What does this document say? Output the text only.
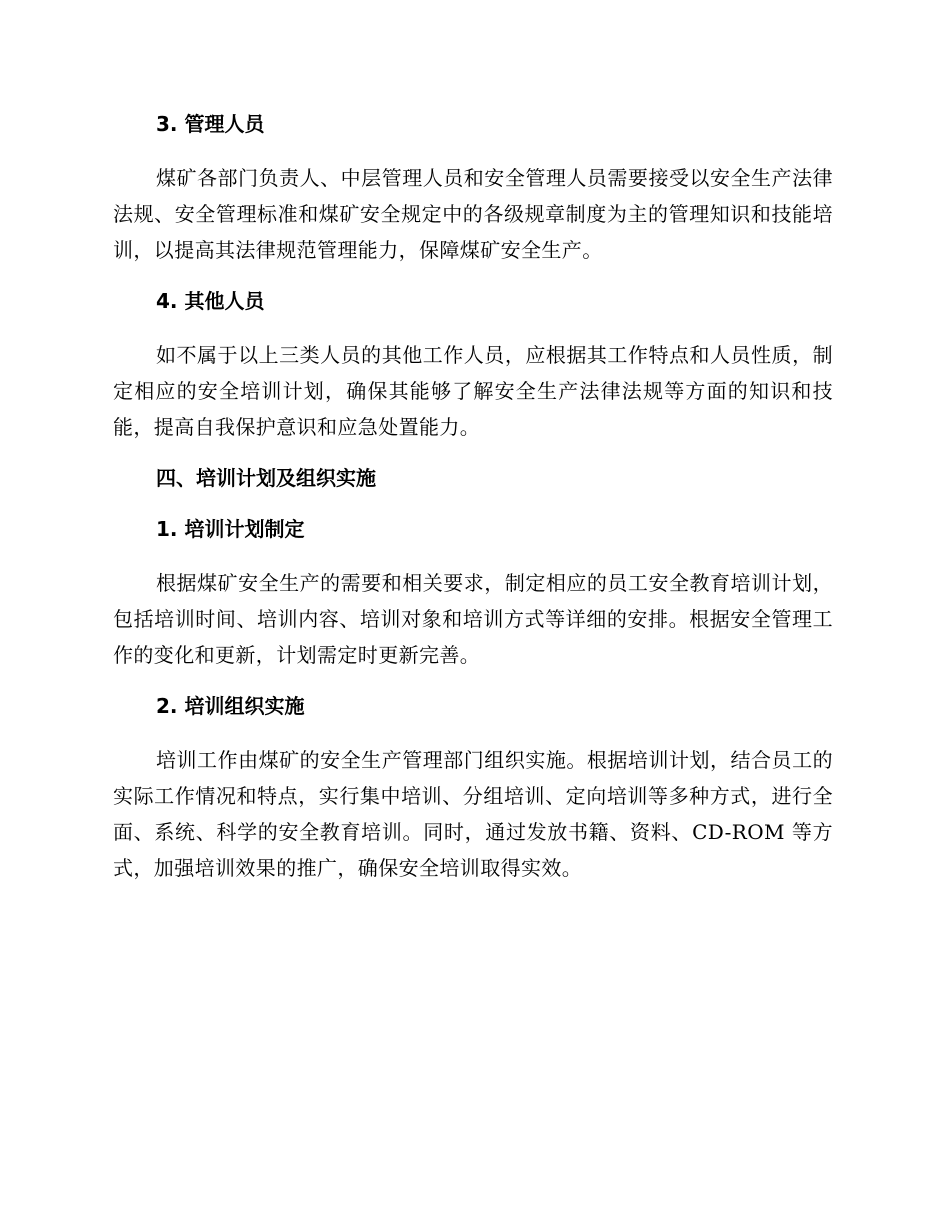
3. 管理人员

煤矿各部门负责人、中层管理人员和安全管理人员需要接受以安全生产法律法规、安全管理标准和煤矿安全规定中的各级规章制度为主的管理知识和技能培训，以提高其法律规范管理能力，保障煤矿安全生产。

4. 其他人员

如不属于以上三类人员的其他工作人员，应根据其工作特点和人员性质，制定相应的安全培训计划，确保其能够了解安全生产法律法规等方面的知识和技能，提高自我保护意识和应急处置能力。

四、培训计划及组织实施

1. 培训计划制定

根据煤矿安全生产的需要和相关要求，制定相应的员工安全教育培训计划，包括培训时间、培训内容、培训对象和培训方式等详细的安排。根据安全管理工作的变化和更新，计划需定时更新完善。

2. 培训组织实施

培训工作由煤矿的安全生产管理部门组织实施。根据培训计划，结合员工的实际工作情况和特点，实行集中培训、分组培训、定向培训等多种方式，进行全面、系统、科学的安全教育培训。同时，通过发放书籍、资料、CD-ROM 等方式，加强培训效果的推广，确保安全培训取得实效。
